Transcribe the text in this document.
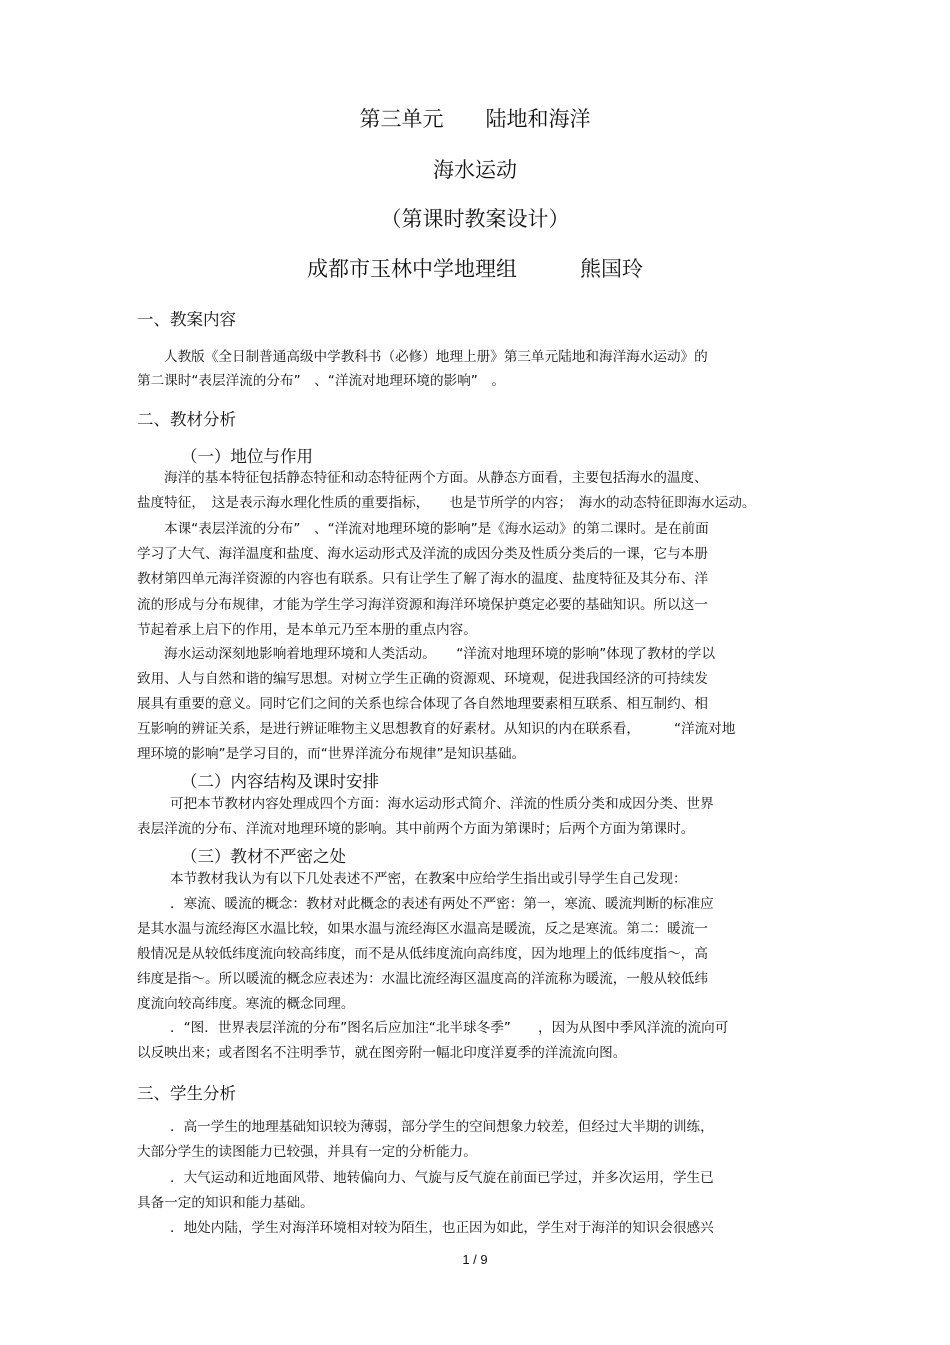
第三单元　　陆地和海洋
海水运动
（第课时教案设计）
成都市玉林中学地理组　　　熊国玲
一、教案内容
人教版《全日制普通高级中学教科书（必修）地理上册》第三单元陆地和海洋海水运动》的
第二课时“表层洋流的分布”　、“洋流对地理环境的影响”　。
二、教材分析
（一）地位与作用
海洋的基本特征包括静态特征和动态特征两个方面。从静态方面看，主要包括海水的温度、
盐度特征，　这是表示海水理化性质的重要指标，　　也是节所学的内容；　海水的动态特征即海水运动。
本课“表层洋流的分布”　、“洋流对地理环境的影响”是《海水运动》的第二课时。是在前面
学习了大气、海洋温度和盐度、海水运动形式及洋流的成因分类及性质分类后的一课，它与本册
教材第四单元海洋资源的内容也有联系。只有让学生了解了海水的温度、盐度特征及其分布、洋
流的形成与分布规律，才能为学生学习海洋资源和海洋环境保护奠定必要的基础知识。所以这一
节起着承上启下的作用，是本单元乃至本册的重点内容。
海水运动深刻地影响着地理环境和人类活动。　　“洋流对地理环境的影响”体现了教材的学以
致用、人与自然和谐的编写思想。对树立学生正确的资源观、环境观，促进我国经济的可持续发
展具有重要的意义。同时它们之间的关系也综合体现了各自然地理要素相互联系、相互制约、相
互影响的辨证关系，是进行辨证唯物主义思想教育的好素材。从知识的内在联系看，　　　“洋流对地
理环境的影响”是学习目的，而“世界洋流分布规律”是知识基础。
（二）内容结构及课时安排
可把本节教材内容处理成四个方面：海水运动形式简介、洋流的性质分类和成因分类、世界
表层洋流的分布、洋流对地理环境的影响。其中前两个方面为第课时；后两个方面为第课时。
（三）教材不严密之处
本节教材我认为有以下几处表述不严密，在教案中应给学生指出或引导学生自己发现：
．寒流、暖流的概念：教材对此概念的表述有两处不严密：第一，寒流、暖流判断的标准应
是其水温与流经海区水温比较，如果水温与流经海区水温高是暖流，反之是寒流。第二：暖流一
般情况是从较低纬度流向较高纬度，而不是从低纬度流向高纬度，因为地理上的低纬度指～，高
纬度是指～。所以暖流的概念应表述为：水温比流经海区温度高的洋流称为暖流，一般从较低纬
度流向较高纬度。寒流的概念同理。
．“图．世界表层洋流的分布”图名后应加注“北半球冬季”　　，因为从图中季风洋流的流向可
以反映出来；或者图名不注明季节，就在图旁附一幅北印度洋夏季的洋流流向图。
三、学生分析
．高一学生的地理基础知识较为薄弱，部分学生的空间想象力较差，但经过大半期的训练，
大部分学生的读图能力已较强，并具有一定的分析能力。
．大气运动和近地面风带、地转偏向力、气旋与反气旋在前面已学过，并多次运用，学生已
具备一定的知识和能力基础。
．地处内陆，学生对海洋环境相对较为陌生，也正因为如此，学生对于海洋的知识会很感兴
1 / 9
